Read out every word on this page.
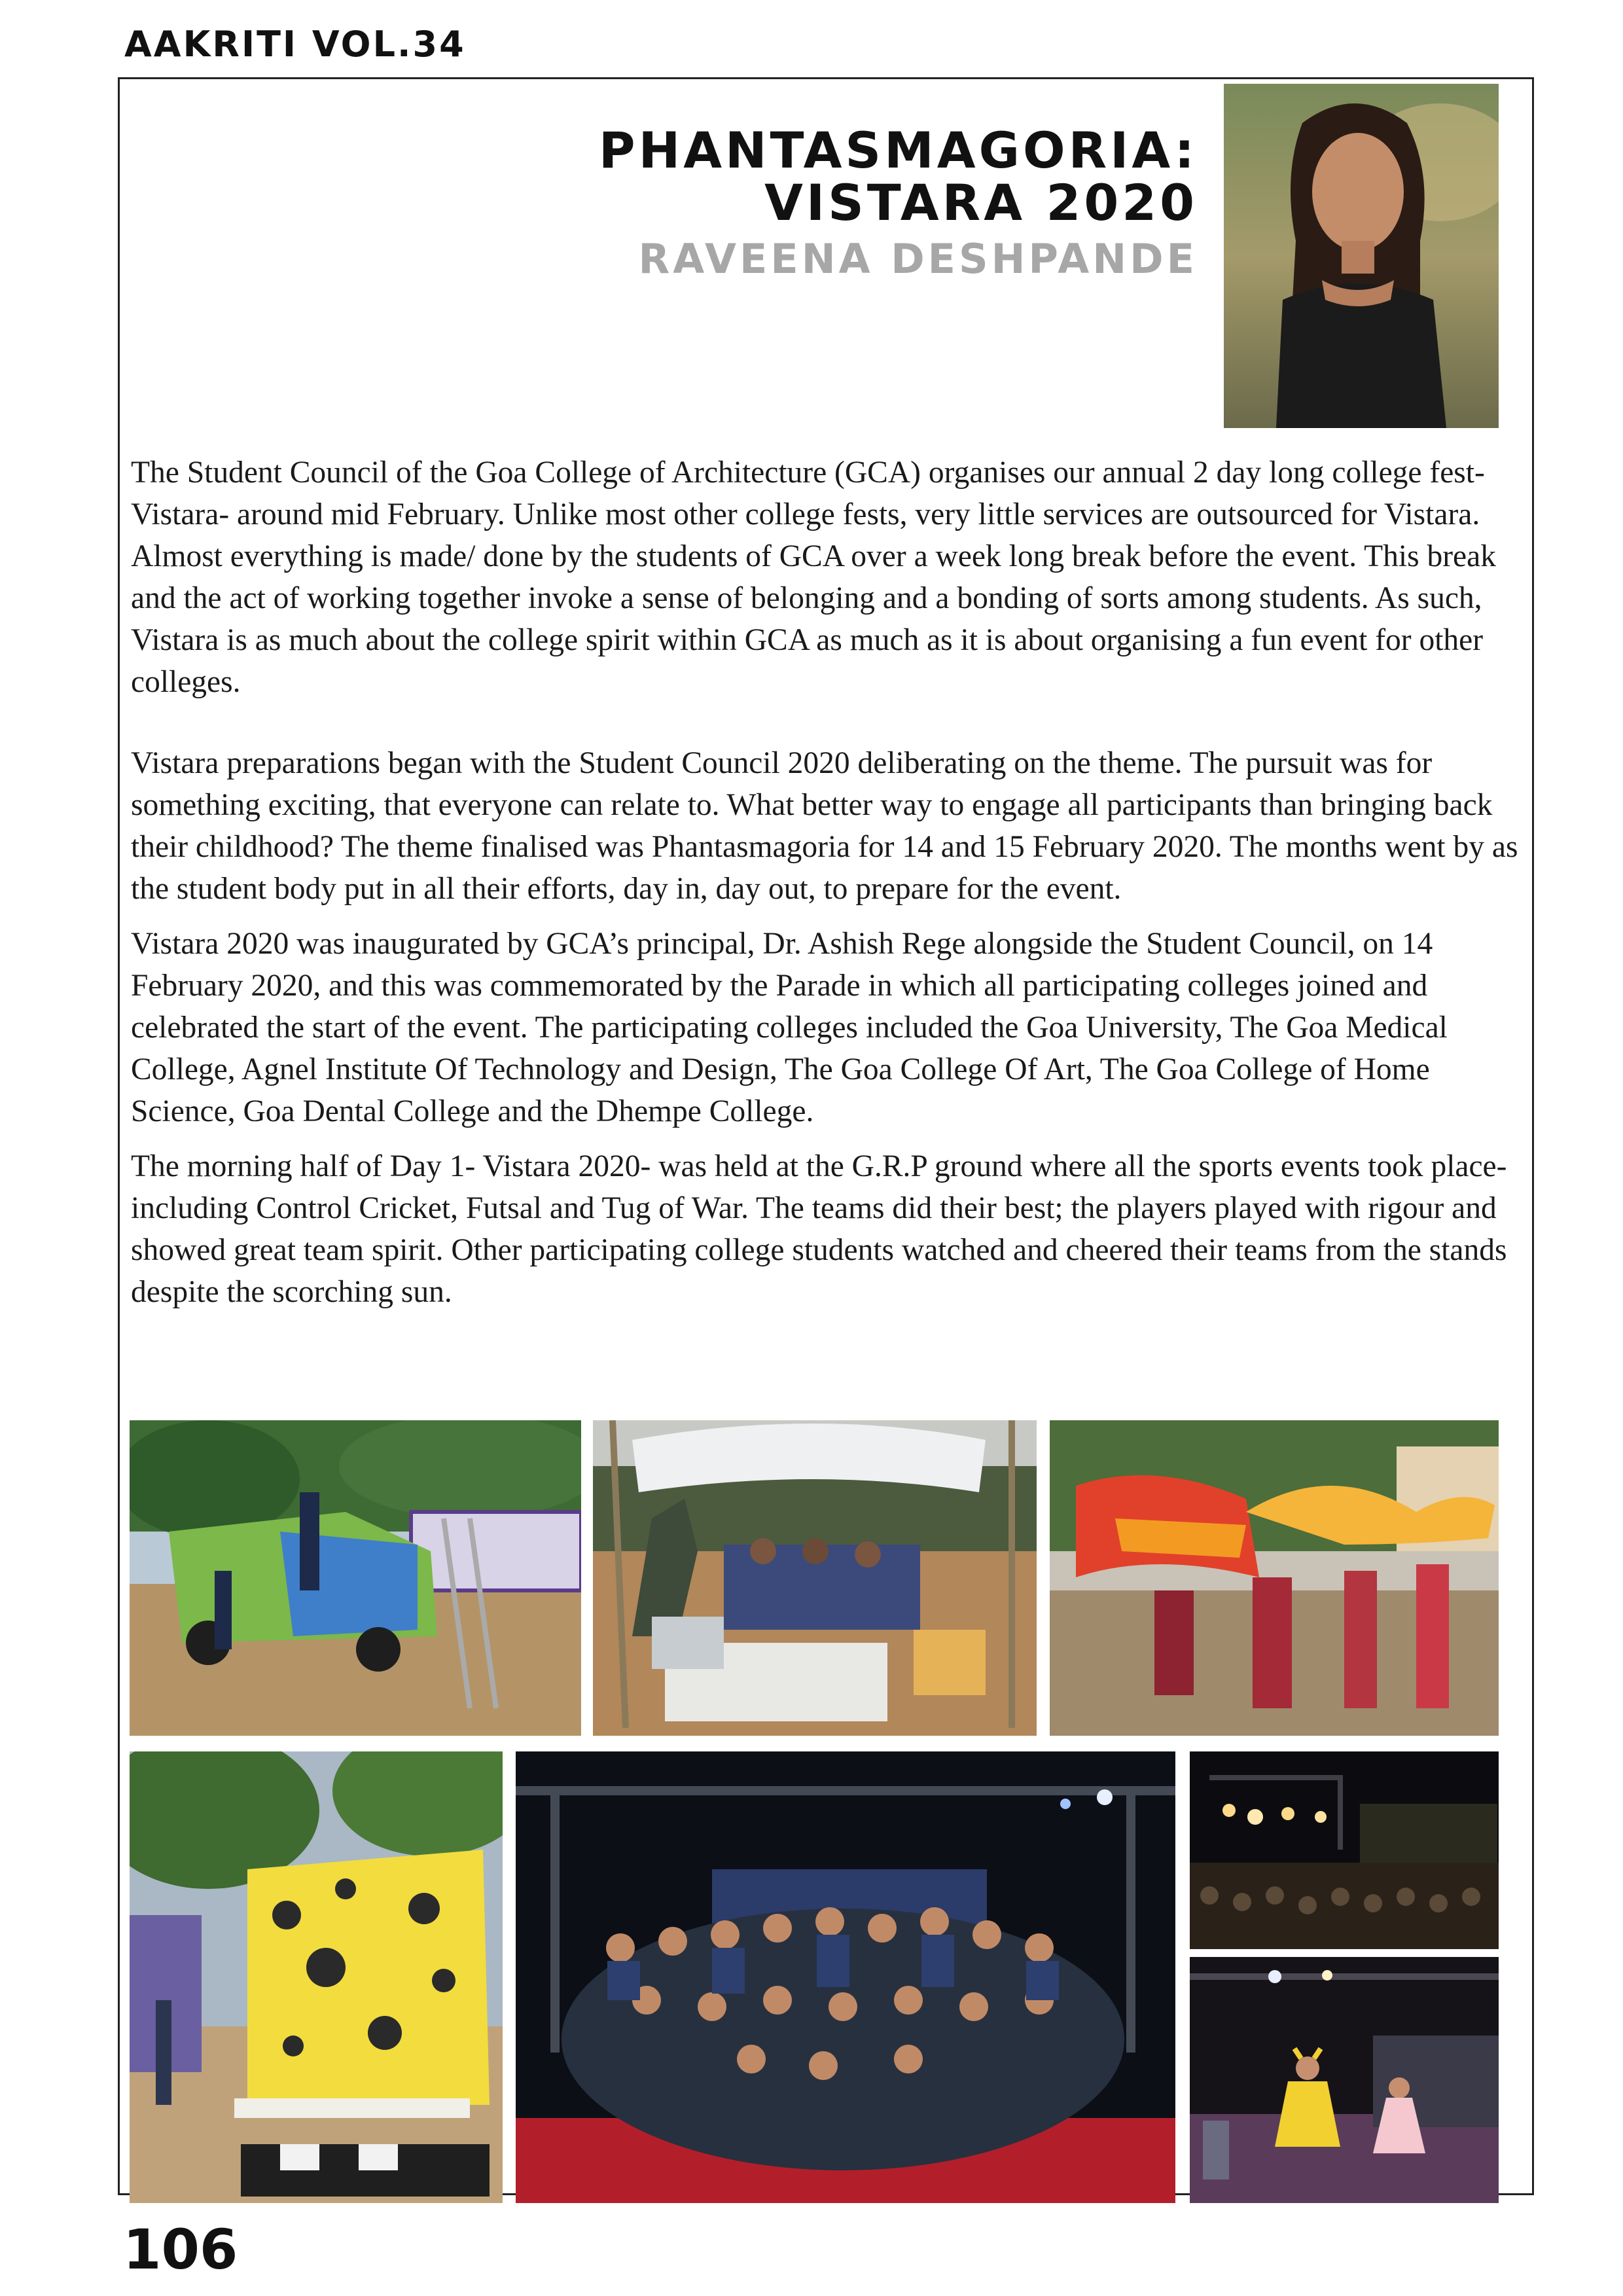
AAKRITI VOL.34
PHANTASMAGORIA:
VISTARA 2020
RAVEENA DESHPANDE

The Student Council of the Goa College of Architecture (GCA) organises our annual 2 day long college fest- Vistara- around mid February. Unlike most other college fests, very little services are outsourced for Vistara. Almost everything is made/ done by the students of GCA over a week long break before the event. This break and the act of working together invoke a sense of belonging and a bonding of sorts among students. As such, Vistara is as much about the college spirit within GCA as much as it is about organising a fun event for other colleges.

Vistara preparations began with the Student Council 2020 deliberating on the theme. The pursuit was for something exciting, that everyone can relate to. What better way to engage all participants than bringing back their childhood? The theme finalised was Phantasmagoria for 14 and 15 February 2020. The months went by as the student body put in all their efforts, day in, day out, to prepare for the event.

Vistara 2020 was inaugurated by GCA’s principal, Dr. Ashish Rege alongside the Student Council, on 14 February 2020, and this was commemorated by the Parade in which all participating colleges joined and celebrated the start of the event. The participating colleges included the Goa University, The Goa Medical College, Agnel Institute Of Technology and Design, The Goa College Of Art, The Goa College of Home Science, Goa Dental College and the Dhempe College.

The morning half of Day 1- Vistara 2020- was held at the G.R.P ground where all the sports events took place- including Control Cricket, Futsal and Tug of War. The teams did their best; the players played with rigour and showed great team spirit. Other participating college students watched and cheered their teams from the stands despite the scorching sun.

106
